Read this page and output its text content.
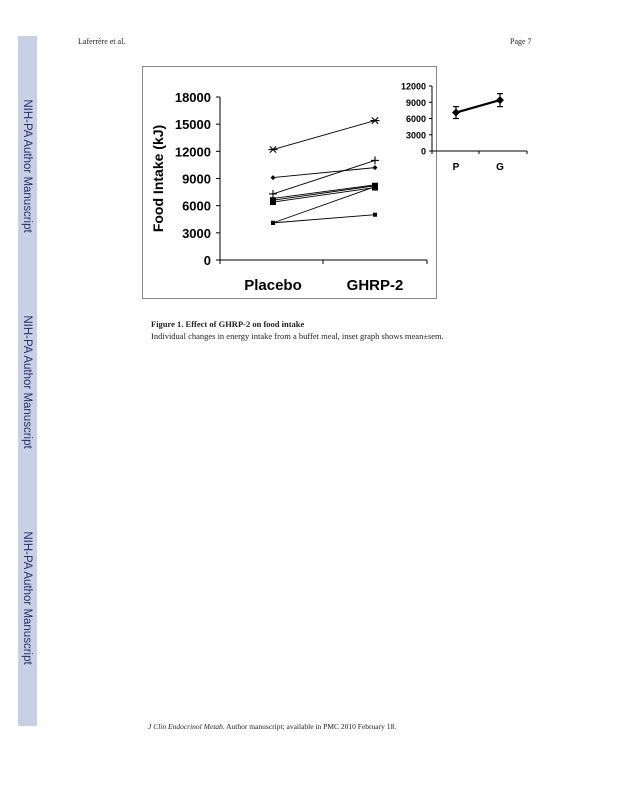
NIH-PA Author Manuscript
NIH-PA Author Manuscript
NIH-PA Author Manuscript
Laferrère et al.	Page 7
0
3000
6000
9000
12000
15000
18000
Placebo	GHRP-2
Food Intake (kJ)	0
3000
6000
9000
12000
P	G
Figure 1. Effect of GHRP-2 on food intake
Individual changes in energy intake from a buffet meal, inset graph shows mean±sem.
J Clin Endocrinol Metab. Author manuscript; available in PMC 2010 February 18.
